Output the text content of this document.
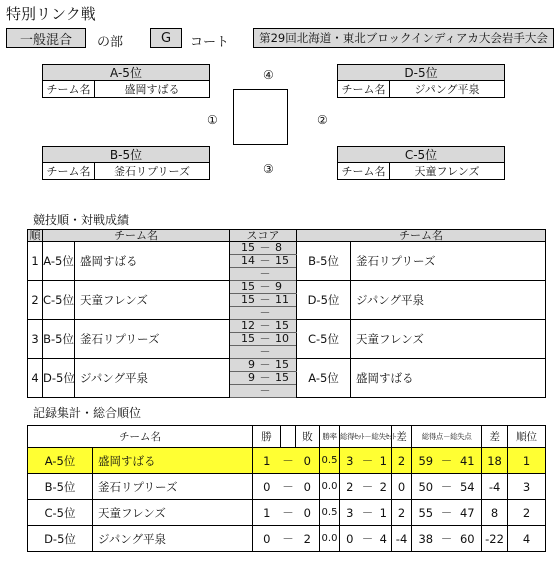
特別リンク戦
一般混合	の部	G	コート	第29回北海道・東北ブロックインディアカ大会岩手大会
A-5位
チーム名	盛岡すばる
D-5位
チーム名	ジパング平泉
B-5位
チーム名	釜石リプリーズ
C-5位
チーム名	天童フレンズ
④
①	②
③
競技順・対戦成績
順	チーム名		スコア	チーム名	
1	A-5位	盛岡すばる	15 － 8	B-5位	釜石リプリーズ
			14 － 15		
			－		
2	C-5位	天童フレンズ	15 － 9	D-5位	ジパング平泉
			15 － 11		
			－		
3	B-5位	釜石リプリーズ	12 － 15	C-5位	天童フレンズ
			15 － 10		
			－		
4	D-5位	ジパング平泉	9 － 15	A-5位	盛岡すばる
			9 － 15		
			－		
記録集計・総合順位
チーム名		勝		敗	勝率	総得ｾｯﾄ－総失ｾｯﾄ			差	総得点－総失点			差	順位
A-5位	盛岡すばる	1	－	0	0.5	3	－	1	2	59	－	41	18	1
B-5位	釜石リプリーズ	0	－	0	0.0	2	－	2	0	50	－	54	-4	3
C-5位	天童フレンズ	1	－	0	0.5	3	－	1	2	55	－	47	8	2
D-5位	ジパング平泉	0	－	2	0.0	0	－	4	-4	38	－	60	-22	4
